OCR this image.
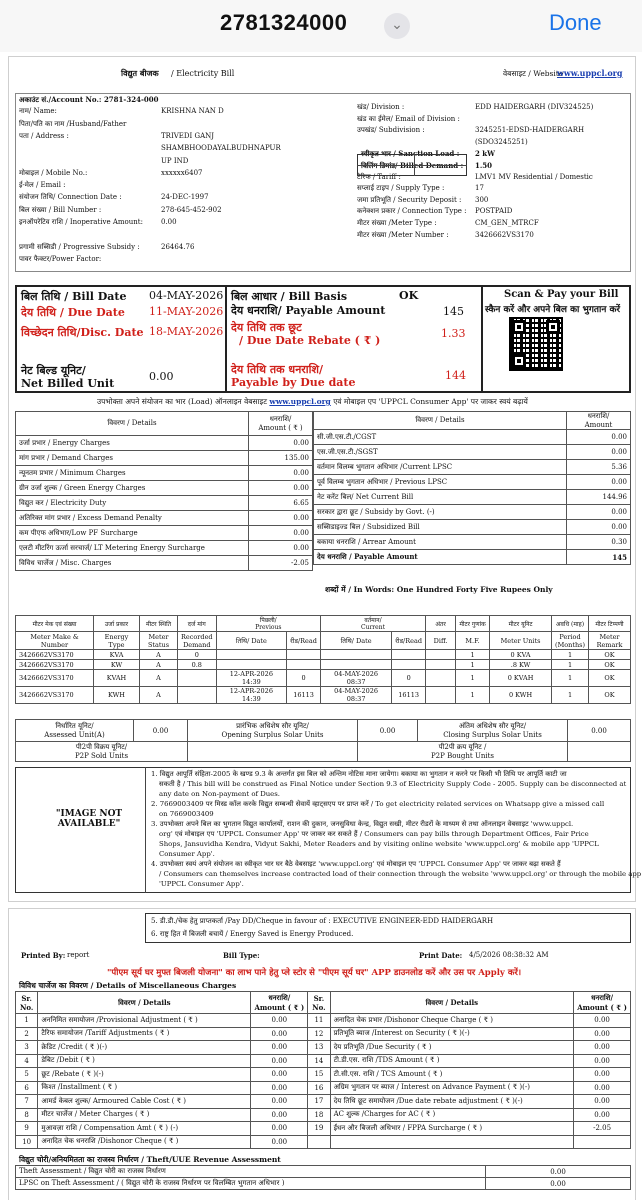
2781324000	⌄	Done
विद्युत बीजक / Electricity Bill	वेबसाइट / Website
www.uppcl.org
अकाउंट सं./Account No.: 2781-324-000
नाम/ Name:	KRISHNA NAN D
पिता/पति का नाम /Husband/Father
पता / Address :	TRIVEDI GANJ
SHAMBHOODAYALBUDHNAPUR
UP IND
मोबाइल / Mobile No.:	xxxxxx6407
ई-मेल / Email :
संयोजन तिथि/ Connection Date :	24-DEC-1997
बिल संख्या / Bill Number :	278-645-452-902
इनऑपरेटिव राशि / Inoperative Amount:	0.00
प्रगामी सब्सिडी / Progressive Subsidy :	26464.76
पावर फैक्टर/Power Factor:
खंड/ Division :	EDD HAIDERGARH (DIV324525)
खंड का ईमेल/ Email of Division :
उपखंड/ Subdivision :	3245251-EDSD-HAIDERGARH
(SDO3245251)
स्वीकृत भार / Sanction Load : 2 kW
बिलिंग डिमांड/ Billed Demand : 1.50
टैरिफ / Tariff :	LMV1 MV Residential / Domestic
सप्लाई टाइप / Supply Type :	17
जमा प्रतिभूति / Security Deposit : 300
कनेक्शन प्रकार / Connection Type : POSTPAID
मीटर संख्या /Meter Type :	CM_GEN_MTRCF
मीटर संख्या /Meter Number :	3426662VS3170
बिल तिथि / Bill Date 04-MAY-2026
देय तिथि / Due Date 11-MAY-2026
विच्छेदन तिथि/Disc. Date 18-MAY-2026
नेट बिल्ड यूनिट/
Net Billed Unit
0.00
बिल आधार / Bill Basis	OK
देय धनराशि/ Payable Amount	145
देय तिथि तक छूट
/ Due Date Rebate ( ₹ )
1.33
देय तिथि तक धनराशि/
Payable by Due date
144
Scan & Pay your Bill
स्कैन करें और अपने बिल का भुगतान करें
उपभोक्ता अपने संयोजन का भार (Load) ऑनलाइन वेबसाइट www.uppcl.org एवं मोबाइल एप 'UPPCL Consumer App' पर जाकर स्वयं बढ़ायें
विवरण / Details	धनराशि/
Amount ( ₹ )
उर्जा प्रभार / Energy Charges	0.00
मांग प्रभार / Demand Charges	135.00
न्यूनतम प्रभार / Minimum Charges	0.00
ग्रीन उर्जा शुल्क / Green Energy Charges	0.00
विद्युत कर / Electricity Duty	6.65
अतिरिक्त मांग प्रभार / Excess Demand Penalty	0.00
कम पीएफ अधिभार/Low PF Surcharge	0.00
एलटी मीटरिंग ऊर्जा सरचार्ज/ LT Metering Energy Surcharge	0.00
विविध चार्जेज / Misc. Charges	-2.05
विवरण / Details	धनराशि/
Amount
सी.जी.एस.टी./CGST	0.00
एस.जी.एस.टी./SGST	0.00
वर्तमान विलम्ब भुगतान अधिभार /Current LPSC	5.36
पूर्व विलम्ब भुगतान अधिभार / Previous LPSC	0.00
नेट करेंट बिल/ Net Current Bill	144.96
सरकार द्वारा छूट / Subsidy by Govt. (-)	0.00
सब्सिडाइज्ड बिल / Subsidized Bill	0.00
बकाया धनराशि / Arrear Amount	0.30
देय धनराशि / Payable Amount	145
शब्दों में / In Words: One Hundred Forty Five Rupees Only
मीटर मेक एवं संख्या	उर्जा प्रकार	मीटर स्थिति	दर्ज मांग	पिछली/
Previous		वर्तमान/
Current		अंतर	मीटर गुणांक	मीटर यूनिट	अवधि (माह)	मीटर टिप्पणी
Meter Make & Number	Energy Type	Meter Status	Recorded Demand	तिथि/ Date	रीड/Read	तिथि/ Date	रीड/Read	Diff.	M.F.	Meter Units	Period (Months)	Meter Remark
3426662VS3170	KVA	A	0						1	0 KVA	1	OK
3426662VS3170	KW	A	0.8						1	.8 KW	1	OK
3426662VS3170	KVAH	A		12-APR-2026 14:39	0	04-MAY-2026 08:37	0		1	0 KVAH	1	OK
3426662VS3170	KWH	A		12-APR-2026 14:39	16113	04-MAY-2026 08:37	16113		1	0 KWH	1	OK
निर्धारित यूनिट/
Assessed Unit(A)	0.00	प्रारंभिक अधिशेष सौर यूनिट/
Opening Surplus Solar Units	0.00	अंतिम अधिशेष सौर यूनिट/
Closing Surplus Solar Units	0.00
पी2पी विक्रय यूनिट/
P2P Sold Units			पी2पी क्रय यूनिट /
P2P Bought Units		
"IMAGE NOT AVAILABLE"
1. विद्युत आपूर्ति संहिता-2005 के खण्ड 9.3 के अन्तर्गत इस बिल को अन्तिम नोटिस माना जायेगा। बकाया का भुगतान न करने पर किसी भी तिथि पर आपूर्ति काटी जा
सकती है / This bill will be construed as Final Notice under Section 9.3 of Electricity Supply Code - 2005. Supply can be disconnected at
any date on Non-payment of Dues.
2. 7669003409 पर मिस्ड कॉल करके विद्युत सम्बन्धी सेवायें व्हाट्सएप पर प्राप्त करें / To get electricity related services on Whatsapp give a missed call
on 7669003409
3. उपभोक्ता अपने बिल का भुगतान विद्युत कार्यालयों, राशन की दुकान, जनसुविधा केन्द्र, विद्युत सखी, मीटर रीडरों के माध्यम से तथा ऑनलाइन वेबसाइट 'www.uppcl.
org' एवं मोबाइल एप 'UPPCL Consumer App' पर जाकर कर सकते हैं / Consumers can pay bills through Department Offices, Fair Price
Shops, Jansuvidha Kendra, Vidyut Sakhi, Meter Readers and by visiting online website 'www.uppcl.org' & mobile app 'UPPCL
Consumer App'.
4. उपभोक्ता स्वयं अपने संयोजन का स्वीकृत भार घर बैठे वेबसाइट 'www.uppcl.org' एवं मोबाइल एप 'UPPCL Consumer App' पर जाकर बढ़ा सकते हैं
/ Consumers can themselves increase contracted load of their connection through the website 'www.uppcl.org' or through the mobile app
'UPPCL Consumer App'.
5. डी.डी./चेक हेतु प्राप्तकर्ता /Pay DD/Cheque in favour of : EXECUTIVE ENGINEER-EDD HAIDERGARH
6. राष्ट्र हित में बिजली बचायें / Energy Saved is Energy Produced.
Printed By: report	Bill Type:	Print Date: 4/5/2026 08:38:32 AM
"पीएम सूर्य घर मुफ्त बिजली योजना" का लाभ पाने हेतु प्ले स्टोर से "पीएम सूर्य घर" APP डाउनलोड करें और उस पर Apply करें।
विविध चार्जेज का विवरण / Details of Miscellaneous Charges
Sr.
No.	विवरण / Details	धनराशि/
Amount ( ₹ )	Sr.
No.	विवरण / Details	धनराशि/
Amount ( ₹ )
1	अननिमित समायोजन /Provisional Adjustment ( ₹ )	0.00	11	अनादित चेक प्रभार /Dishonor Cheque Charge ( ₹ )	0.00
2	टैरिफ समायोजन /Tariff Adjustments ( ₹ )	0.00	12	प्रतिभूति ब्याज /Interest on Security ( ₹ )(-)	0.00
3	क्रेडिट /Credit ( ₹ )(-)	0.00	13	देय प्रतिभूति /Due Security ( ₹ )	0.00
4	डेबिट /Debit ( ₹ )	0.00	14	टी.डी.एस. राशि /TDS Amount ( ₹ )	0.00
5	छूट /Rebate ( ₹ )(-)	0.00	15	टी.सी.एस. राशि / TCS Amount ( ₹ )	0.00
6	किश्त /Installment ( ₹ )	0.00	16	अग्रिम भुगतान पर ब्याज / Interest on Advance Payment ( ₹ )(-)	0.00
7	आमर्ड केबल शुल्क/ Armoured Cable Cost ( ₹ )	0.00	17	देय तिथि छूट समायोजन /Due date rebate adjustment ( ₹ )(-)	0.00
8	मीटर चार्जेज / Meter Charges ( ₹ )	0.00	18	AC शुल्क /Charges for AC ( ₹ )	0.00
9	मुआवज़ा राशि / Compensation Amt ( ₹ ) (-)	0.00	19	ईंधन और बिजली अधिभार / FPPA Surcharge ( ₹ )	-2.05
10	अनादित चेक धनराशि /Dishonor Cheque ( ₹ )	0.00			
विद्युत चोरी/अनियमितता का राजस्व निर्धारण / Theft/UUE Revenue Assessment
Theft Assessment / विद्युत चोरी का राजस्व निर्धारण	0.00
LPSC on Theft Assessment / ( विद्युत चोरी के राजस्व निर्धारण पर विलम्बित भुगतान अधिभार )	0.00
